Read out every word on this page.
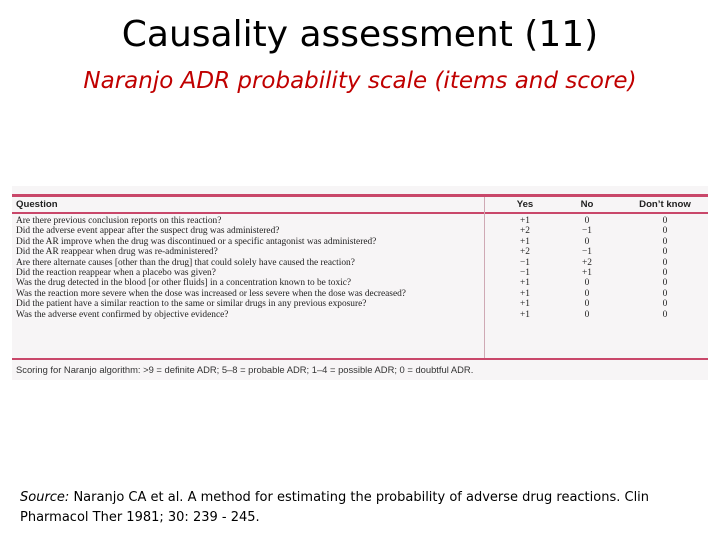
Causality assessment (11)
Naranjo ADR probability scale (items and score)
Question	Yes	No	Don’t know
Are there previous conclusion reports on this reaction?	+1	0	0
Did the adverse event appear after the suspect drug was administered?	+2	−1	0
Did the AR improve when the drug was discontinued or a specific antagonist was administered?	+1	0	0
Did the AR reappear when drug was re-administered?	+2	−1	0
Are there alternate causes [other than the drug] that could solely have caused the reaction?	−1	+2	0
Did the reaction reappear when a placebo was given?	−1	+1	0
Was the drug detected in the blood [or other fluids] in a concentration known to be toxic?	+1	0	0
Was the reaction more severe when the dose was increased or less severe when the dose was decreased?	+1	0	0
Did the patient have a similar reaction to the same or similar drugs in any previous exposure?	+1	0	0
Was the adverse event confirmed by objective evidence?	+1	0	0
Scoring for Naranjo algorithm: >9 = definite ADR; 5–8 = probable ADR; 1–4 = possible ADR; 0 = doubtful ADR.
Source: Naranjo CA et al. A method for estimating the probability of adverse drug reactions. Clin Pharmacol Ther 1981; 30: 239 - 245.
